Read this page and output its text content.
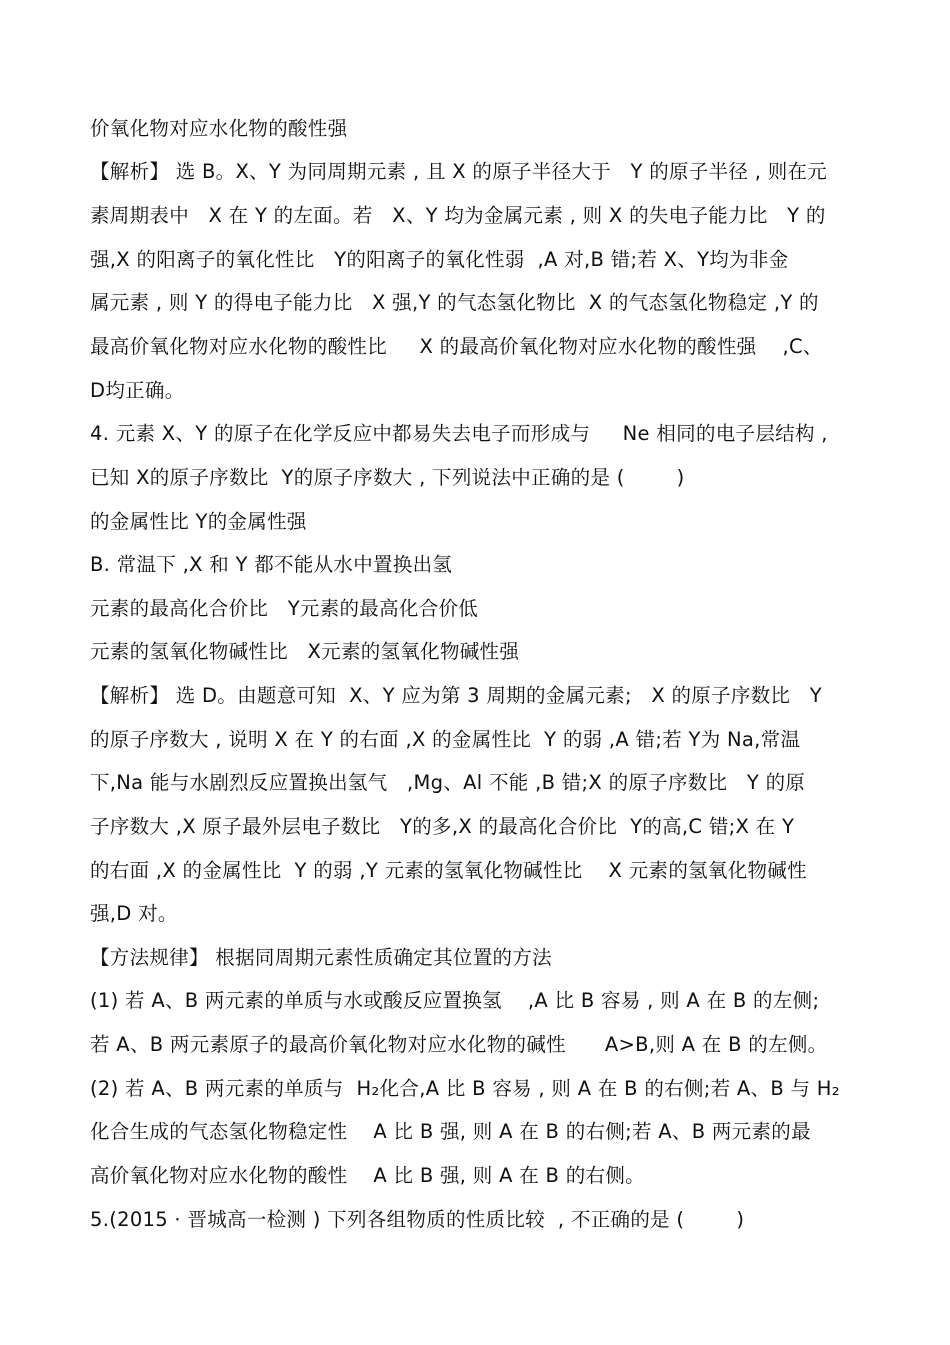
价氧化物对应水化物的酸性强
【解析】 选 B。X、Y 为同周期元素 , 且 X 的原子半径大于   Y 的原子半径 , 则在元
素周期表中   X 在 Y 的左面。若   X、Y 均为金属元素 , 则 X 的失电子能力比   Y 的
强,X 的阳离子的氧化性比   Y的阳离子的氧化性弱  ,A 对,B 错;若 X、Y均为非金
属元素 , 则 Y 的得电子能力比   X 强,Y 的气态氢化物比  X 的气态氢化物稳定 ,Y 的
最高价氧化物对应水化物的酸性比     X 的最高价氧化物对应水化物的酸性强    ,C、
D均正确。
4. 元素 X、Y 的原子在化学反应中都易失去电子而形成与     Ne 相同的电子层结构 ,
已知 X的原子序数比  Y的原子序数大 , 下列说法中正确的是 (        )
的金属性比 Y的金属性强
B. 常温下 ,X 和 Y 都不能从水中置换出氢
元素的最高化合价比   Y元素的最高化合价低
元素的氢氧化物碱性比   X元素的氢氧化物碱性强
【解析】 选 D。由题意可知  X、Y 应为第 3 周期的金属元素;   X 的原子序数比   Y
的原子序数大 , 说明 X 在 Y 的右面 ,X 的金属性比  Y 的弱 ,A 错;若 Y为 Na,常温
下,Na 能与水剧烈反应置换出氢气   ,Mg、Al 不能 ,B 错;X 的原子序数比   Y 的原
子序数大 ,X 原子最外层电子数比   Y的多,X 的最高化合价比  Y的高,C 错;X 在 Y
的右面 ,X 的金属性比  Y 的弱 ,Y 元素的氢氧化物碱性比    X 元素的氢氧化物碱性
强,D 对。
【方法规律】 根据同周期元素性质确定其位置的方法
(1) 若 A、B 两元素的单质与水或酸反应置换氢    ,A 比 B 容易 , 则 A 在 B 的左侧;
若 A、B 两元素原子的最高价氧化物对应水化物的碱性      A>B,则 A 在 B 的左侧。
(2) 若 A、B 两元素的单质与  H₂化合,A 比 B 容易 , 则 A 在 B 的右侧;若 A、B 与 H₂
化合生成的气态氢化物稳定性    A 比 B 强, 则 A 在 B 的右侧;若 A、B 两元素的最
高价氧化物对应水化物的酸性    A 比 B 强, 则 A 在 B 的右侧。
5.(2015 · 晋城高一检测 ) 下列各组物质的性质比较  , 不正确的是 (        )
